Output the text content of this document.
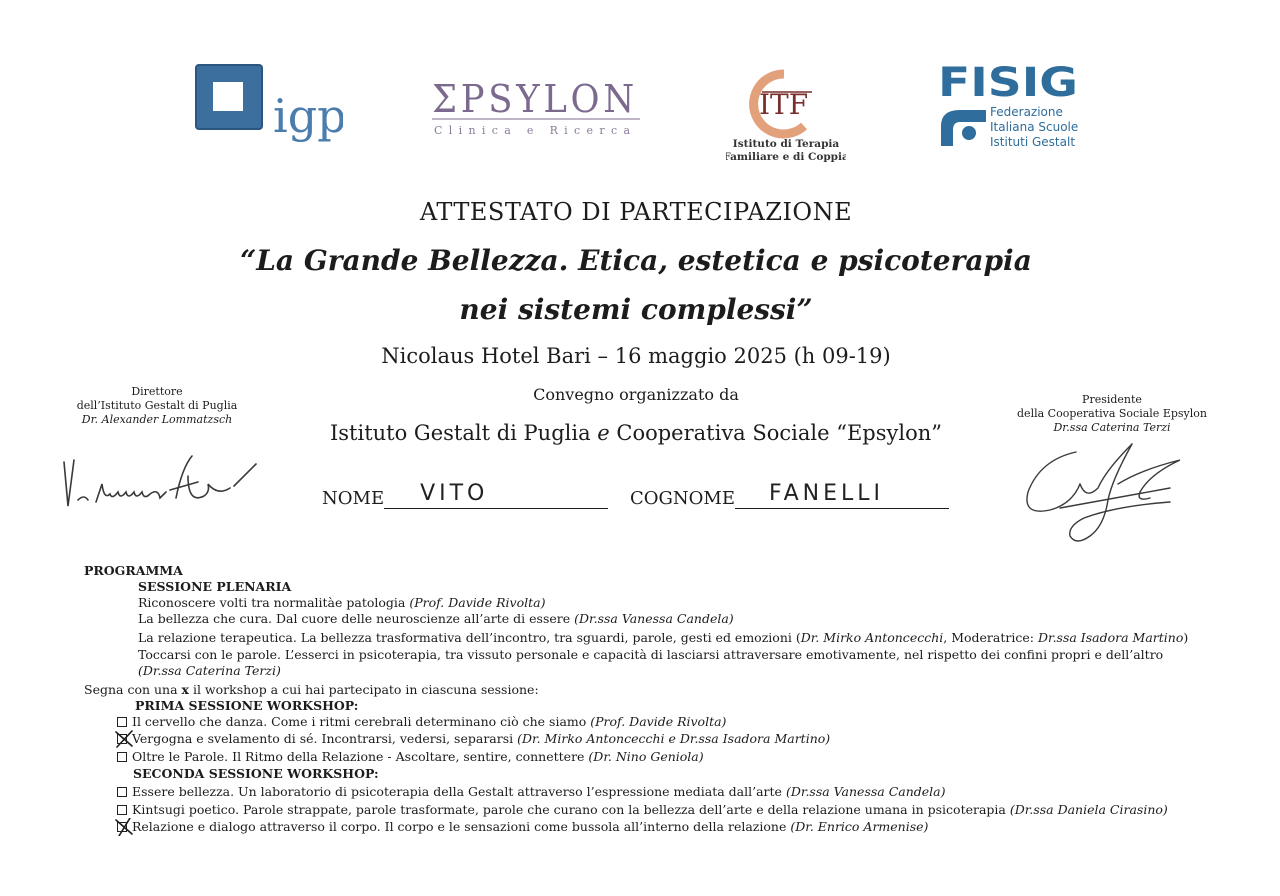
igp ΣPSYLON
Clinica e Ricerca
ITF
Istituto di Terapia
Familiare e di Coppia
FISIG
Federazione
Italiana Scuole
Istituti Gestalt
ATTESTATO DI PARTECIPAZIONE
“La Grande Bellezza. Etica, estetica e psicoterapia
nei sistemi complessi”
Nicolaus Hotel Bari – 16 maggio 2025 (h 09-19)
Convegno organizzato da
Istituto Gestalt di Puglia e Cooperativa Sociale “Epsylon”
Direttore
dell’Istituto Gestalt di Puglia
Dr. Alexander Lommatzsch
Presidente
della Cooperativa Sociale Epsylon
Dr.ssa Caterina Terzi
NOME VITO	COGNOME FANELLI
PROGRAMMA
SESSIONE PLENARIA
Riconoscere volti tra normalitàe patologia (Prof. Davide Rivolta)
La bellezza che cura. Dal cuore delle neuroscienze all’arte di essere (Dr.ssa Vanessa Candela)
La relazione terapeutica. La bellezza trasformativa dell’incontro, tra sguardi, parole, gesti ed emozioni (Dr. Mirko Antoncecchi, Moderatrice: Dr.ssa Isadora Martino)
Toccarsi con le parole. L’esserci in psicoterapia, tra vissuto personale e capacità di lasciarsi attraversare emotivamente, nel rispetto dei confini propri e dell’altro
(Dr.ssa Caterina Terzi)
Segna con una x il workshop a cui hai partecipato in ciascuna sessione:
PRIMA SESSIONE WORKSHOP:
Il cervello che danza. Come i ritmi cerebrali determinano ciò che siamo (Prof. Davide Rivolta)
Vergogna e svelamento di sé. Incontrarsi, vedersi, separarsi (Dr. Mirko Antoncecchi e Dr.ssa Isadora Martino)
Oltre le Parole. Il Ritmo della Relazione - Ascoltare, sentire, connettere (Dr. Nino Geniola)
SECONDA SESSIONE WORKSHOP:
Essere bellezza. Un laboratorio di psicoterapia della Gestalt attraverso l’espressione mediata dall’arte (Dr.ssa Vanessa Candela)
Kintsugi poetico. Parole strappate, parole trasformate, parole che curano con la bellezza dell’arte e della relazione umana in psicoterapia (Dr.ssa Daniela Cirasino)
Relazione e dialogo attraverso il corpo. Il corpo e le sensazioni come bussola all’interno della relazione (Dr. Enrico Armenise)
